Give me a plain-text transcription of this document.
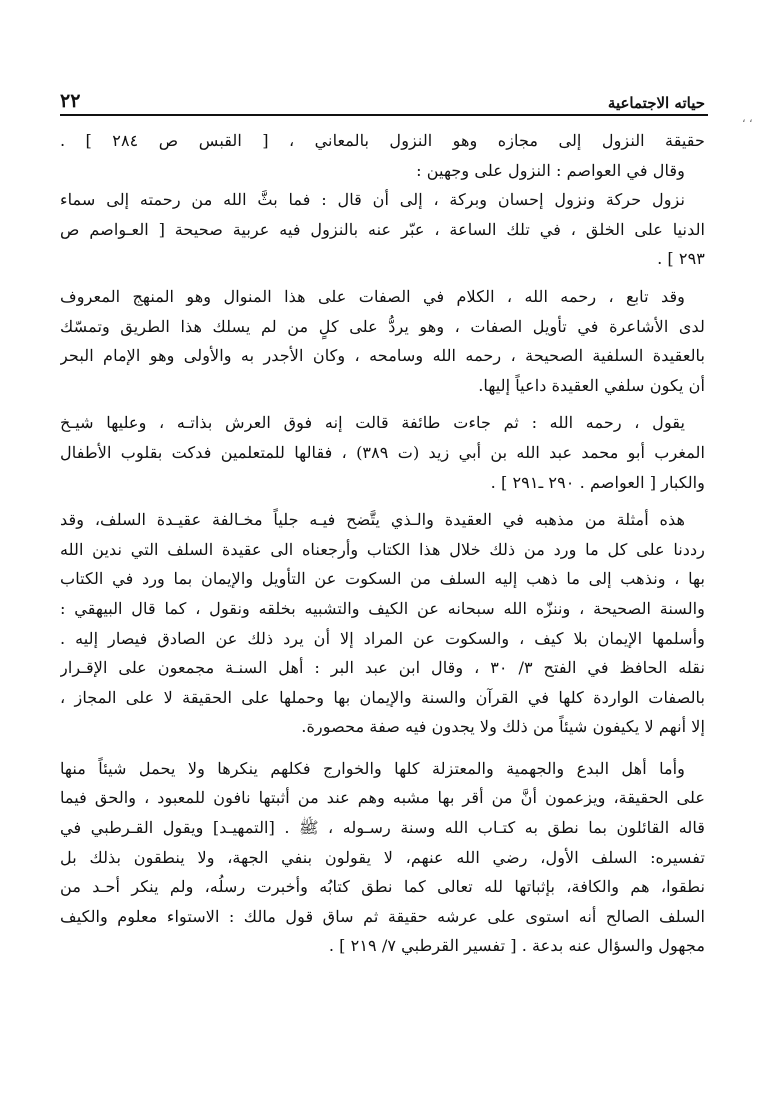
حياته الاجتماعية
٢٢
، ،
حقيقة النزول إلى مجازه وهو النزول بالمعاني ، [ القبس ص ٢٨٤ ] .
وقال في العواصم : النزول على وجهين :
نزول حركة ونزول إحسان وبركة ، إلى أن قال : فما بثَّ الله من رحمته إلى سماء
الدنيا على الخلق ، في تلك الساعة ، عبّر عنه بالنزول فيه عربية صحيحة [ العـواصم ص
٢٩٣ ] .
وقد تابع ، رحمه الله ، الكلام في الصفات على هذا المنوال وهو المنهج المعروف
لدى الأشاعرة في تأويل الصفات ، وهو يردُّ على كلٍ من لم يسلك هذا الطريق وتمسّك
بالعقيدة السلفية الصحيحة ، رحمه الله وسامحه ، وكان الأجدر به والأولى وهو الإمام البحر
أن يكون سلفي العقيدة داعياً إليها.
يقول ، رحمه الله : ثم جاءت طائفة قالت إنه فوق العرش بذاتـه ، وعليها شيـخ
المغرب أبو محمد عبد الله بن أبي زيد (ت ٣٨٩) ، فقالها للمتعلمين فدكت بقلوب الأطفال
والكبار [ العواصم . ٢٩٠ ـ٢٩١ ] .
هذه أمثلة من مذهبه في العقيدة والـذي يتَّضح فيـه جلياً مخـالفة عقيـدة السلف، وقد
رددنا على كل ما ورد من ذلك خلال هذا الكتاب وأرجعناه الى عقيدة السلف التي ندين الله
بها ، ونذهب إلى ما ذهب إليه السلف من السكوت عن التأويل والإيمان بما ورد في الكتاب
والسنة الصحيحة ، وننزّه الله سبحانه عن الكيف والتشبيه بخلقه ونقول ، كما قال البيهقي :
وأسلمها الإيمان بلا كيف ، والسكوت عن المراد إلا أن يرد ذلك عن الصادق فيصار إليه .
نقله الحافظ في الفتح ٣/ ٣٠ ، وقال ابن عبد البر : أهل السنـة مجمعون على الإقـرار
بالصفات الواردة كلها في القرآن والسنة والإيمان بها وحملها على الحقيقة لا على المجاز ،
إلا أنهم لا يكيفون شيئاً من ذلك ولا يجدون فيه صفة محصورة.
وأما أهل البدع والجهمية والمعتزلة كلها والخوارج فكلهم ينكرها ولا يحمل شيئاً منها
على الحقيقة، ويزعمون أنَّ من أقر بها مشبه وهم عند من أثبتها نافون للمعبود ، والحق فيما
قاله القائلون بما نطق به كتـاب الله وسنة رسـوله ، ﷺ . [التمهيـد] ويقول القـرطبي في
تفسيره: السلف الأول، رضي الله عنهم، لا يقولون بنفي الجهة، ولا ينطقون بذلك بل
نطقوا، هم والكافة، بإثباتها لله تعالى كما نطق كتابُه وأخبرت رسلُه، ولم ينكر أحـد من
السلف الصالح أنه استوى على عرشه حقيقة ثم ساق قول مالك : الاستواء معلوم والكيف
مجهول والسؤال عنه بدعة . [ تفسير القرطبي ٧/ ٢١٩ ] .
